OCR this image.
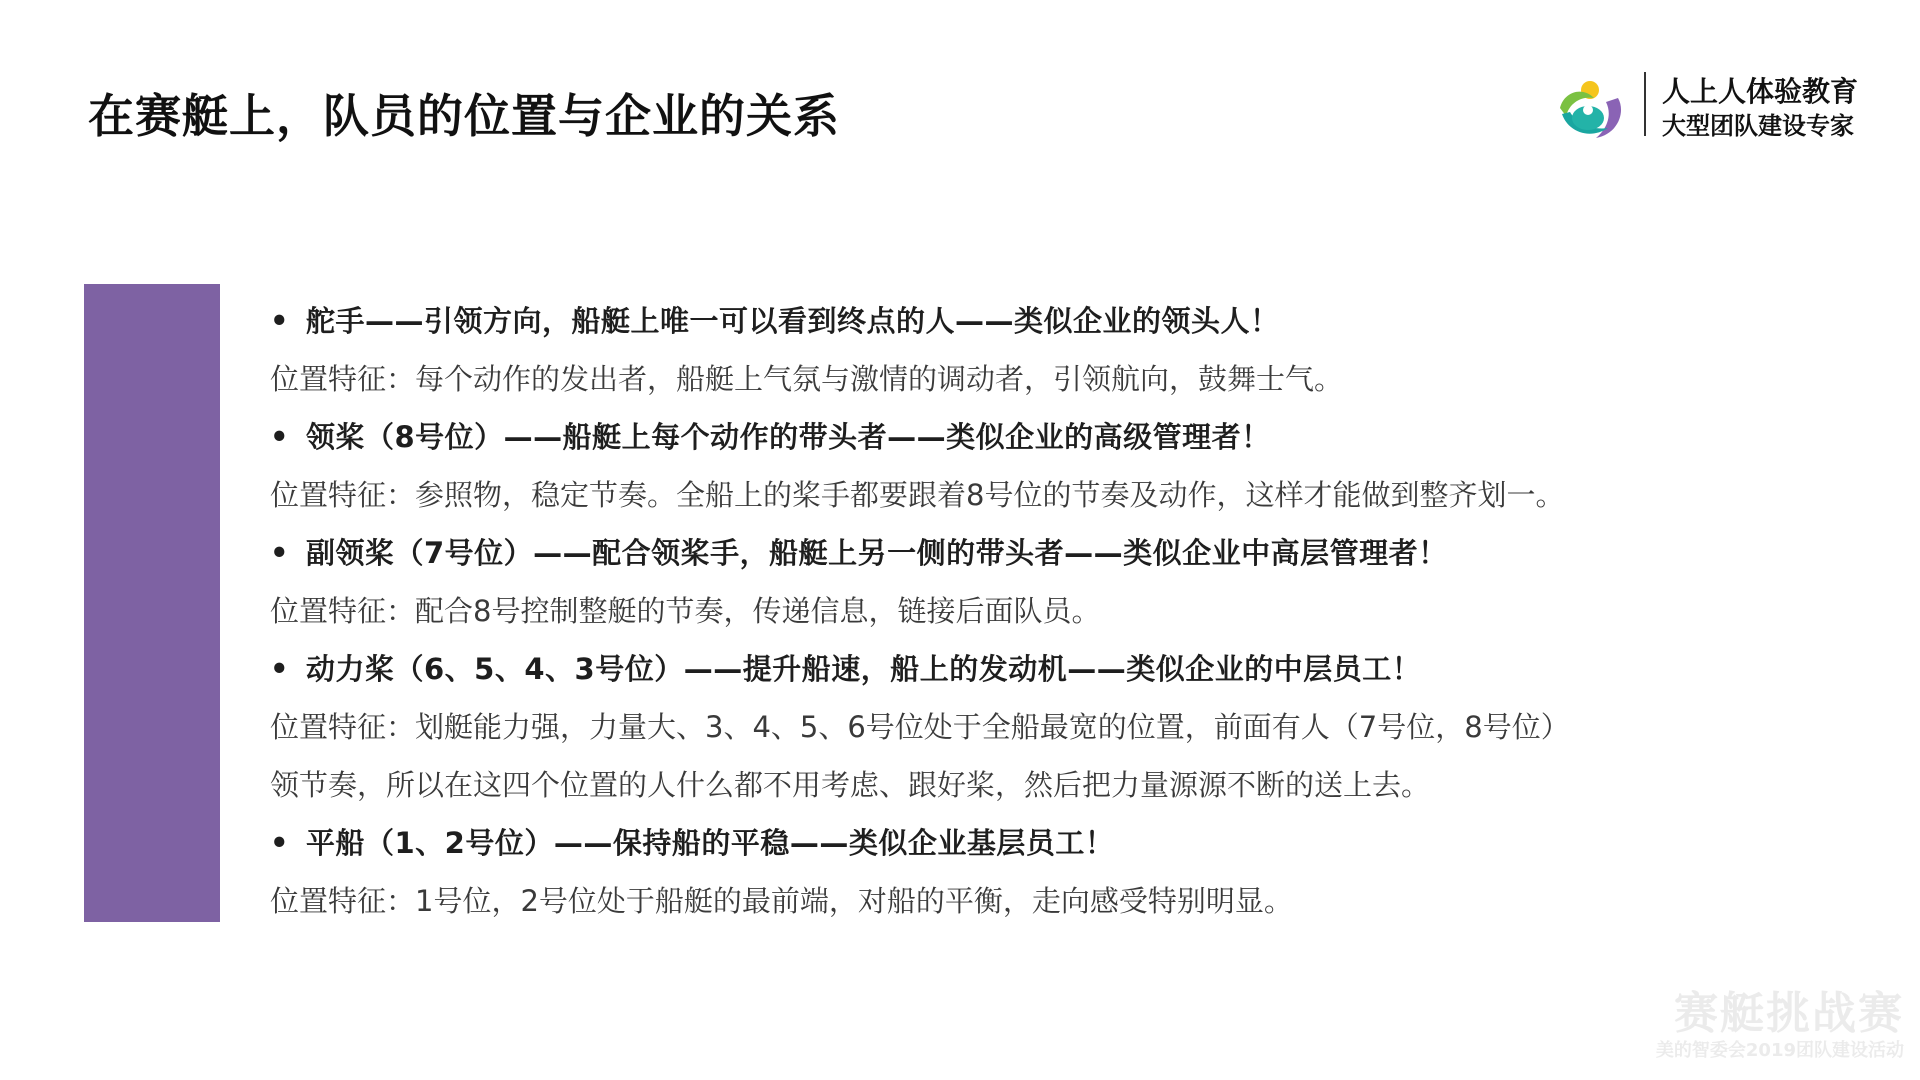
在赛艇上，队员的位置与企业的关系	人上人体验教育
大型团队建设专家
• 舵手——引领方向，船艇上唯一可以看到终点的人——类似企业的领头人！
位置特征：每个动作的发出者，船艇上气氛与激情的调动者，引领航向，鼓舞士气。
• 领桨（8号位）——船艇上每个动作的带头者——类似企业的高级管理者！
位置特征：参照物，稳定节奏。全船上的桨手都要跟着8号位的节奏及动作，这样才能做到整齐划一。
• 副领桨（7号位）——配合领桨手，船艇上另一侧的带头者——类似企业中高层管理者！
位置特征：配合8号控制整艇的节奏，传递信息，链接后面队员。
• 动力桨（6、5、4、3号位）——提升船速，船上的发动机——类似企业的中层员工！
位置特征：划艇能力强，力量大、3、4、5、6号位处于全船最宽的位置，前面有人（7号位，8号位）
领节奏，所以在这四个位置的人什么都不用考虑、跟好桨，然后把力量源源不断的送上去。
• 平船（1、2号位）——保持船的平稳——类似企业基层员工！
位置特征：1号位，2号位处于船艇的最前端，对船的平衡，走向感受特别明显。
赛艇挑战赛
美的智委会2019团队建设活动
